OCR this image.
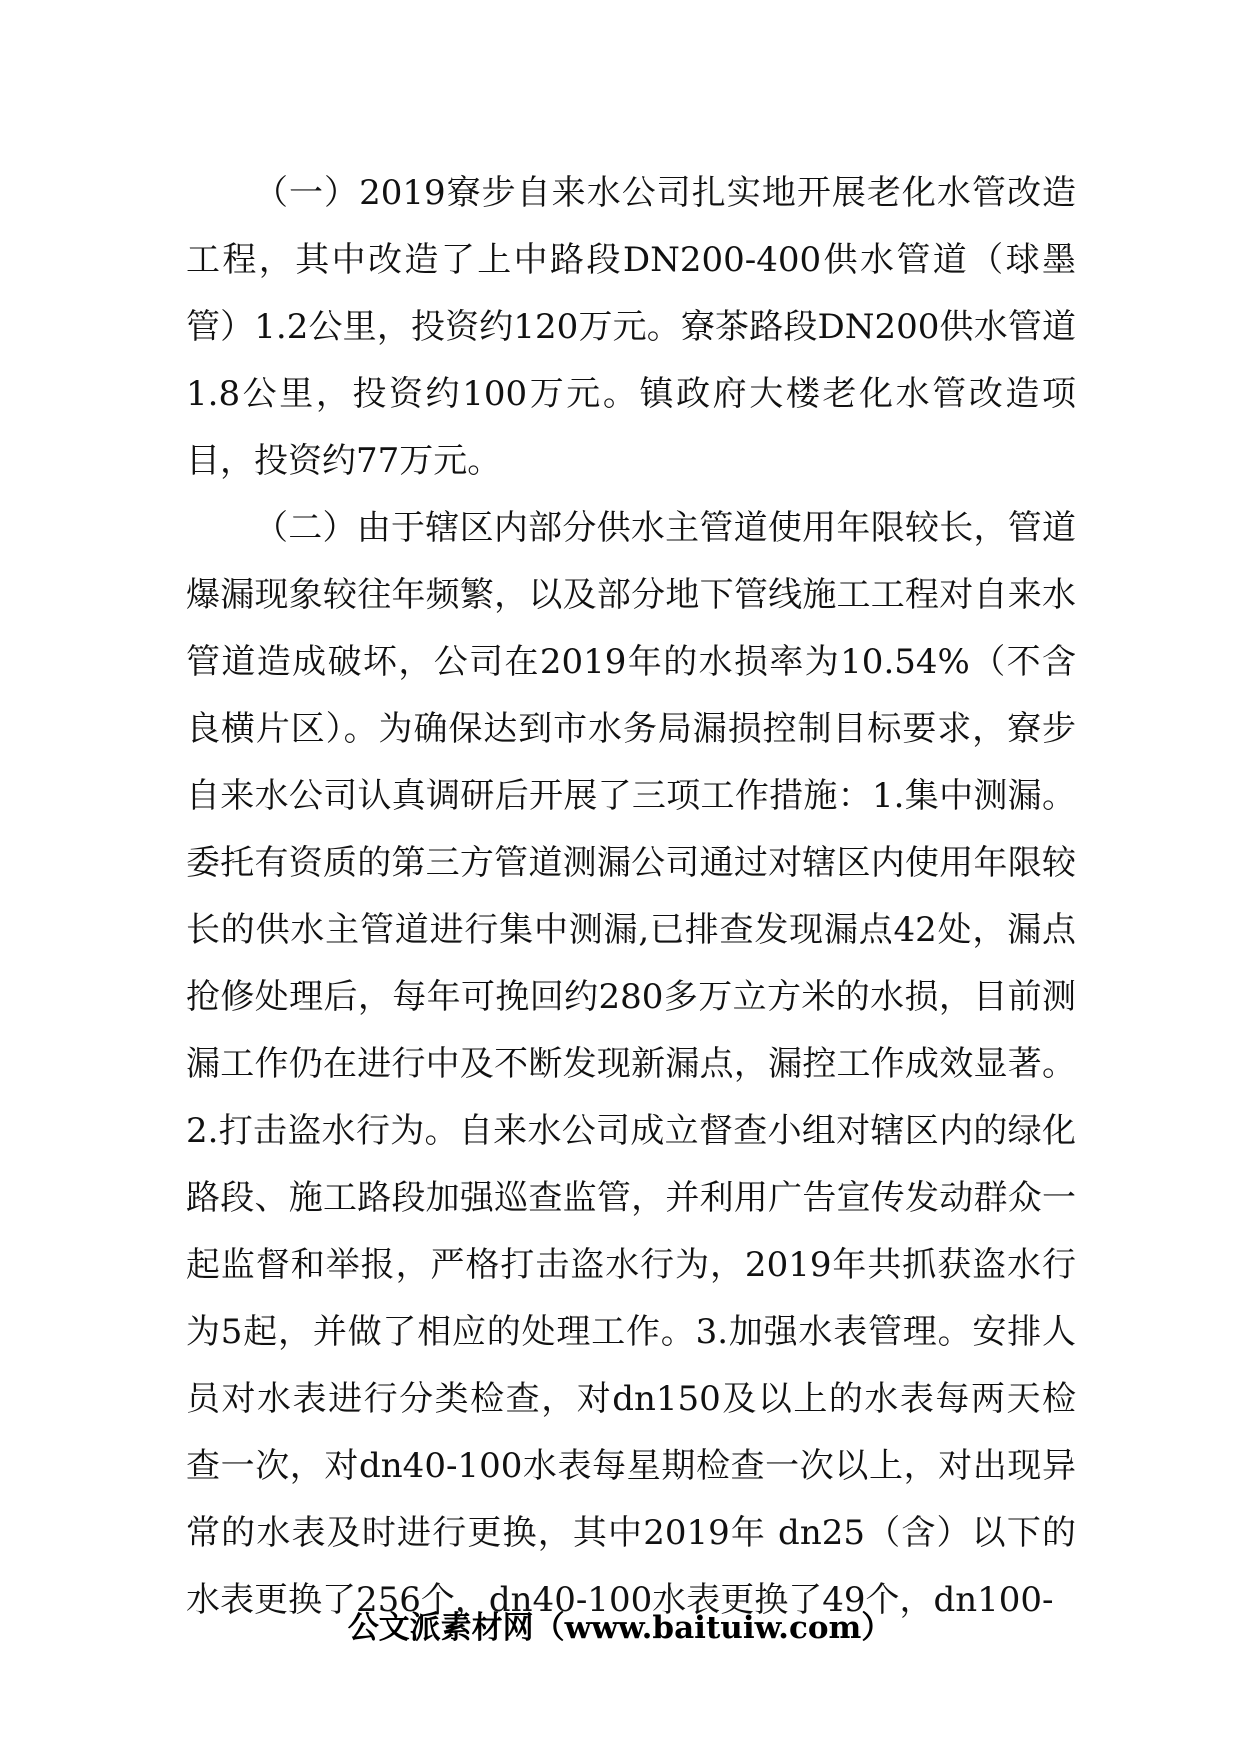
（一）2019寮步自来水公司扎实地开展老化水管改造工程，其中改造了上中路段DN200-400供水管道（球墨管）1.2公里，投资约120万元。寮茶路段DN200供水管道1.8公里，投资约100万元。镇政府大楼老化水管改造项目，投资约77万元。

（二）由于辖区内部分供水主管道使用年限较长，管道爆漏现象较往年频繁，以及部分地下管线施工工程对自来水管道造成破坏，公司在2019年的水损率为10.54%（不含良横片区）。为确保达到市水务局漏损控制目标要求，寮步自来水公司认真调研后开展了三项工作措施：1.集中测漏。委托有资质的第三方管道测漏公司通过对辖区内使用年限较长的供水主管道进行集中测漏,已排查发现漏点42处，漏点抢修处理后，每年可挽回约280多万立方米的水损，目前测漏工作仍在进行中及不断发现新漏点，漏控工作成效显著。2.打击盗水行为。自来水公司成立督查小组对辖区内的绿化路段、施工路段加强巡查监管，并利用广告宣传发动群众一起监督和举报，严格打击盗水行为，2019年共抓获盗水行为5起，并做了相应的处理工作。3.加强水表管理。安排人员对水表进行分类检查，对dn150及以上的水表每两天检查一次，对dn40-100水表每星期检查一次以上，对出现异常的水表及时进行更换，其中2019年 dn25（含）以下的水表更换了256个，dn40-100水表更换了49个，dn100-

公文派素材网（www.baituiw.com）
